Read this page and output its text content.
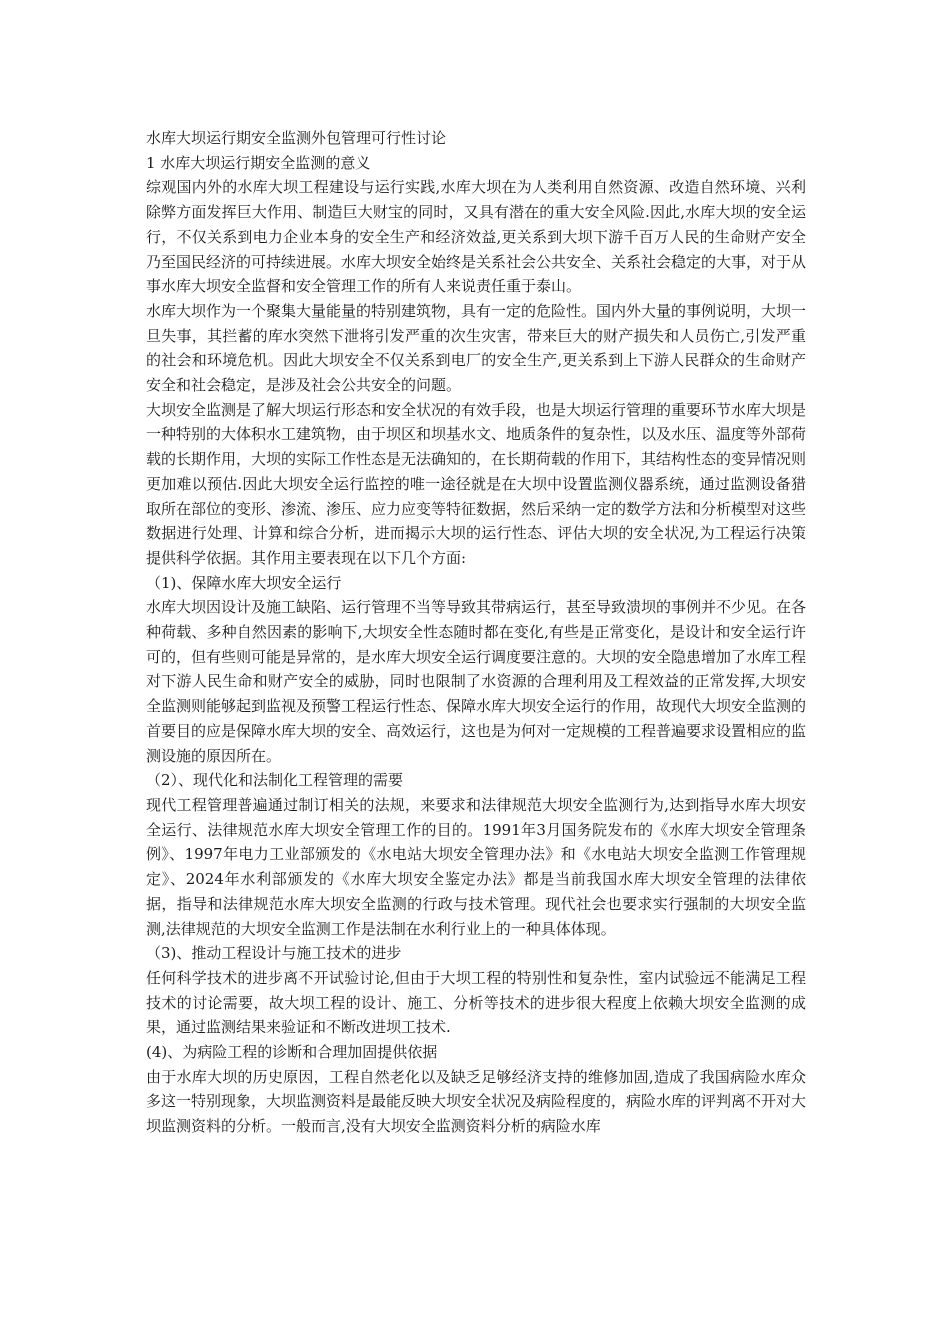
水库大坝运行期安全监测外包管理可行性讨论

1 水库大坝运行期安全监测的意义

综观国内外的水库大坝工程建设与运行实践,水库大坝在为人类利用自然资源、改造自然环境、兴利除弊方面发挥巨大作用、制造巨大财宝的同时，又具有潜在的重大安全风险.因此,水库大坝的安全运行，不仅关系到电力企业本身的安全生产和经济效益,更关系到大坝下游千百万人民的生命财产安全乃至国民经济的可持续进展。水库大坝安全始终是关系社会公共安全、关系社会稳定的大事，对于从事水库大坝安全监督和安全管理工作的所有人来说责任重于泰山。

水库大坝作为一个聚集大量能量的特别建筑物，具有一定的危险性。国内外大量的事例说明，大坝一旦失事，其拦蓄的库水突然下泄将引发严重的次生灾害，带来巨大的财产损失和人员伤亡,引发严重的社会和环境危机。因此大坝安全不仅关系到电厂的安全生产,更关系到上下游人民群众的生命财产安全和社会稳定，是涉及社会公共安全的问题。

大坝安全监测是了解大坝运行形态和安全状况的有效手段，也是大坝运行管理的重要环节水库大坝是一种特别的大体积水工建筑物，由于坝区和坝基水文、地质条件的复杂性，以及水压、温度等外部荷载的长期作用，大坝的实际工作性态是无法确知的，在长期荷载的作用下，其结构性态的变异情况则更加难以预估.因此大坝安全运行监控的唯一途径就是在大坝中设置监测仪器系统，通过监测设备猎取所在部位的变形、渗流、渗压、应力应变等特征数据，然后采纳一定的数学方法和分析模型对这些数据进行处理、计算和综合分析，进而揭示大坝的运行性态、评估大坝的安全状况,为工程运行决策提供科学依据。其作用主要表现在以下几个方面:

（1)、保障水库大坝安全运行

水库大坝因设计及施工缺陷、运行管理不当等导致其带病运行，甚至导致溃坝的事例并不少见。在各种荷载、多种自然因素的影响下,大坝安全性态随时都在变化,有些是正常变化，是设计和安全运行许可的，但有些则可能是异常的，是水库大坝安全运行调度要注意的。大坝的安全隐患增加了水库工程对下游人民生命和财产安全的威胁，同时也限制了水资源的合理利用及工程效益的正常发挥,大坝安全监测则能够起到监视及预警工程运行性态、保障水库大坝安全运行的作用，故现代大坝安全监测的首要目的应是保障水库大坝的安全、高效运行，这也是为何对一定规模的工程普遍要求设置相应的监测设施的原因所在。

（2）、现代化和法制化工程管理的需要

现代工程管理普遍通过制订相关的法规，来要求和法律规范大坝安全监测行为,达到指导水库大坝安全运行、法律规范水库大坝安全管理工作的目的。1991年3月国务院发布的《水库大坝安全管理条例》、1997年电力工业部颁发的《水电站大坝安全管理办法》和《水电站大坝安全监测工作管理规定》、2024年水利部颁发的《水库大坝安全鉴定办法》都是当前我国水库大坝安全管理的法律依据，指导和法律规范水库大坝安全监测的行政与技术管理。现代社会也要求实行强制的大坝安全监测,法律规范的大坝安全监测工作是法制在水利行业上的一种具体体现。

（3)、推动工程设计与施工技术的进步

任何科学技术的进步离不开试验讨论,但由于大坝工程的特别性和复杂性，室内试验远不能满足工程技术的讨论需要，故大坝工程的设计、施工、分析等技术的进步很大程度上依赖大坝安全监测的成果，通过监测结果来验证和不断改进坝工技术.

(4)、为病险工程的诊断和合理加固提供依据

由于水库大坝的历史原因，工程自然老化以及缺乏足够经济支持的维修加固,造成了我国病险水库众多这一特别现象，大坝监测资料是最能反映大坝安全状况及病险程度的，病险水库的评判离不开对大坝监测资料的分析。一般而言,没有大坝安全监测资料分析的病险水库
